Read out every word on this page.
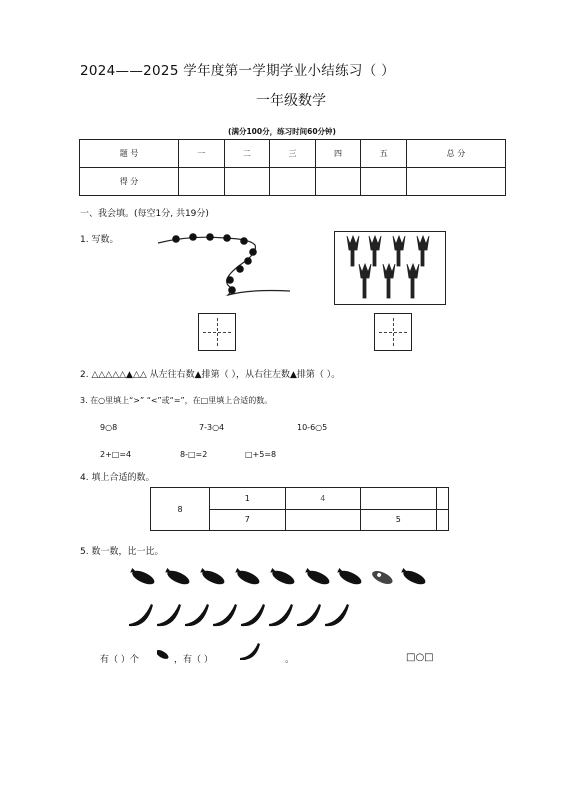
2024——2025 学年度第一学期学业小结练习（ ）
一年级数学
(满分100分，练习时间60分钟)
题 号	一	二	三	四	五	总 分
得 分						
一、我会填。(每空1分, 共19分)
1. 写数。
2. △△△△△▲△△ 从左往右数▲排第（ ），从右往左数▲排第（ ）。
3. 在○里填上“>” “<”或“=”，在□里填上合适的数。
9○8	7-3○4	10-6○5
2+□=4	8-□=2	□+5=8
4. 填上合适的数。
8	1	4		
	7		5	
5. 数一数，比一比。
有（ ）个	，有（ ）	。	□○□
